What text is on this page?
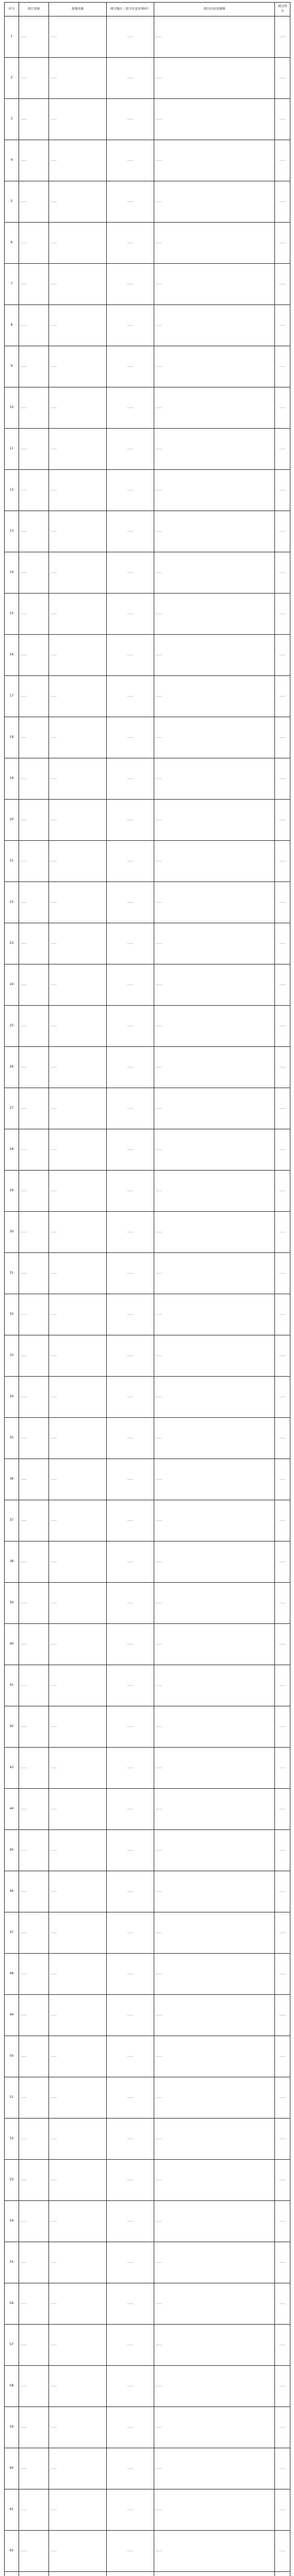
序号	项目名称	基地名称	项目地区（省市区县乡镇村）	项目内容及规模	项目得分
1	……	……	……	……	……
2	……	……	……	……	……
3	……	……	……	……	……
4	……	……	……	……	……
5	……	……	……	……	……
6	……	……	……	……	……
7	……	……	……	……	……
8	……	……	……	……	……
9	……	……	……	……	……
10	……	……	……	……	……
11	……	……	……	……	……
12	……	……	……	……	……
13	……	……	……	……	……
14	……	……	……	……	……
15	……	……	……	……	……
16	……	……	……	……	……
17	……	……	……	……	……
18	……	……	……	……	……
19	……	……	……	……	……
20	……	……	……	……	……
21	……	……	……	……	……
22	……	……	……	……	……
23	……	……	……	……	……
24	……	……	……	……	……
25	……	……	……	……	……
26	……	……	……	……	……
27	……	……	……	……	……
28	……	……	……	……	……
29	……	……	……	……	……
30	……	……	……	……	……
31	……	……	……	……	……
32	……	……	……	……	……
33	……	……	……	……	……
34	……	……	……	……	……
35	……	……	……	……	……
36	……	……	……	……	……
37	……	……	……	……	……
38	……	……	……	……	……
39	……	……	……	……	……
40	……	……	……	……	……
41	……	……	……	……	……
42	……	……	……	……	……
43	……	……	……	……	……
44	……	……	……	……	……
45	……	……	……	……	……
46	……	……	……	……	……
47	……	……	……	……	……
48	……	……	……	……	……
49	……	……	……	……	……
50	……	……	……	……	……
51	……	……	……	……	……
52	……	……	……	……	……
53	……	……	……	……	……
54	……	……	……	……	……
55	……	……	……	……	……
56	……	……	……	……	……
57	……	……	……	……	……
58	……	……	……	……	……
59	……	……	……	……	……
60	……	……	……	……	……
61	……	……	……	……	……
62	……	……	……	……	……
